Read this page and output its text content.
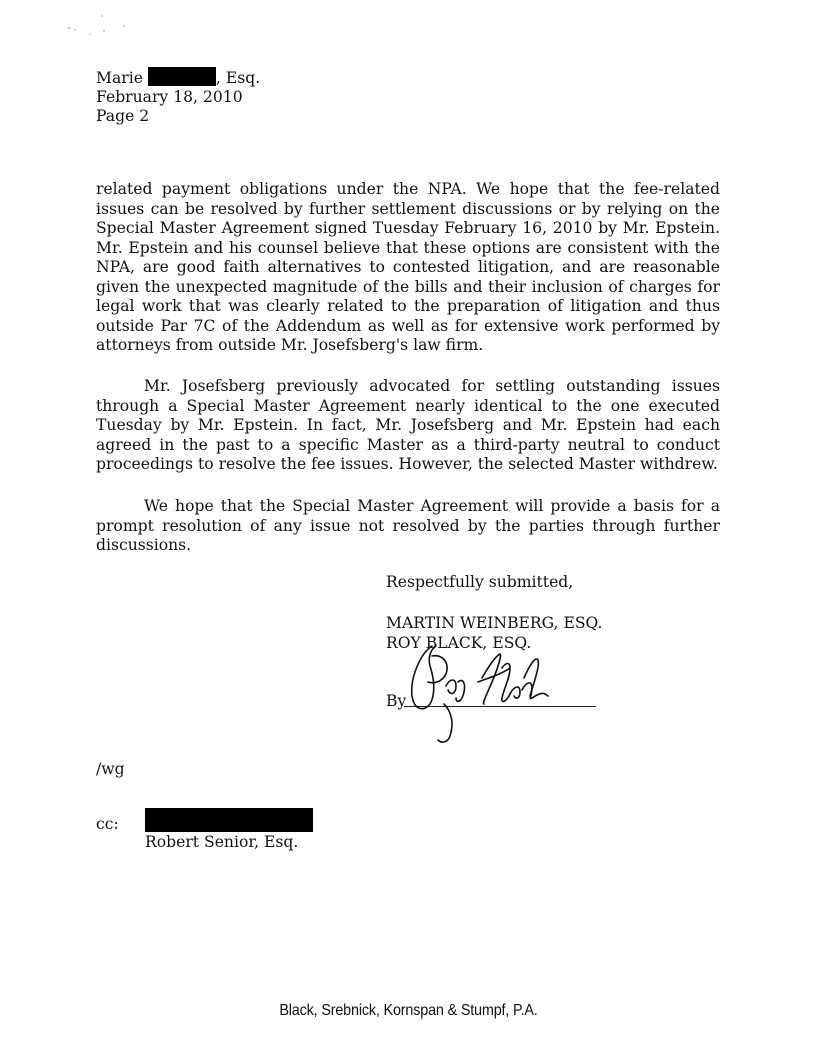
Marie	, Esq.
February 18, 2010
Page 2

related payment obligations under the NPA. We hope that the fee-related issues can be resolved by further settlement discussions or by relying on the Special Master Agreement signed Tuesday February 16, 2010 by Mr. Epstein. Mr. Epstein and his counsel believe that these options are consistent with the NPA, are good faith alternatives to contested litigation, and are reasonable given the unexpected magnitude of the bills and their inclusion of charges for legal work that was clearly related to the preparation of litigation and thus outside Par 7C of the Addendum as well as for extensive work performed by attorneys from outside Mr. Josefsberg's law firm.

Mr. Josefsberg previously advocated for settling outstanding issues through a Special Master Agreement nearly identical to the one executed Tuesday by Mr. Epstein. In fact, Mr. Josefsberg and Mr. Epstein had each agreed in the past to a specific Master as a third-party neutral to conduct proceedings to resolve the fee issues. However, the selected Master withdrew.

We hope that the Special Master Agreement will provide a basis for a prompt resolution of any issue not resolved by the parties through further discussions.

Respectfully submitted,
MARTIN WEINBERG, ESQ.
ROY BLACK, ESQ.
By
/wg
cc:
Robert Senior, Esq.
Black, Srebnick, Kornspan & Stumpf, P.A.
